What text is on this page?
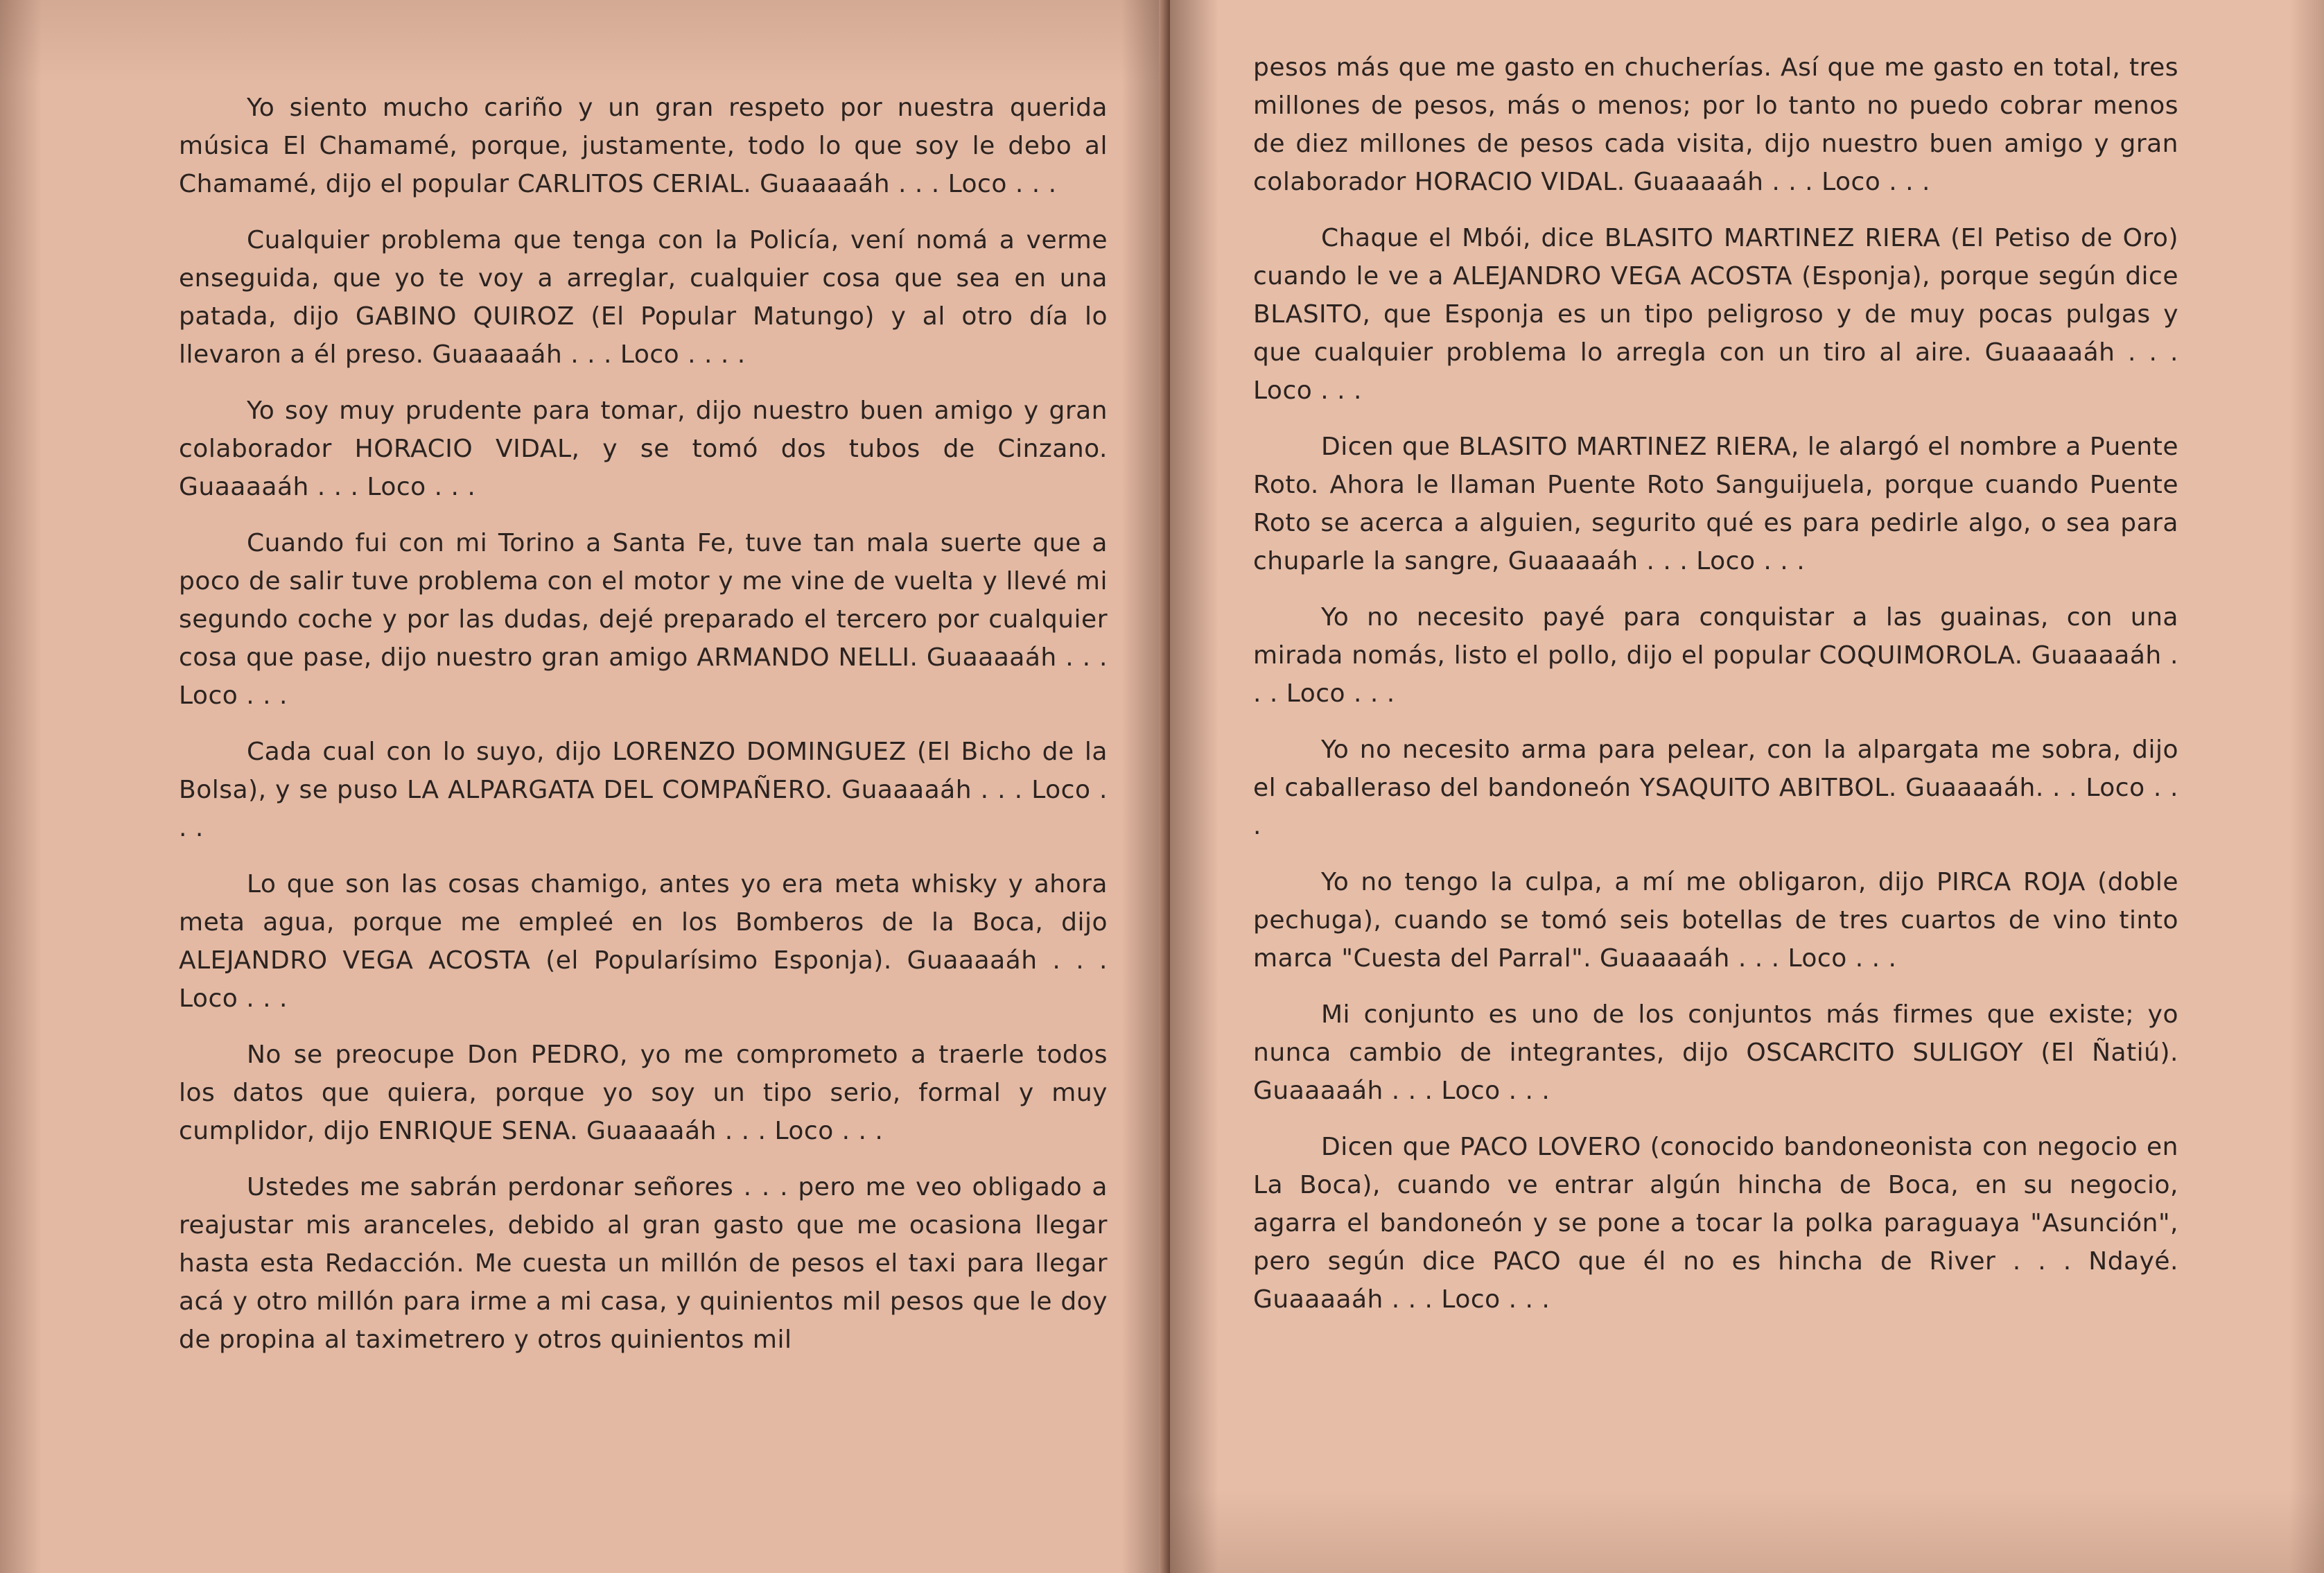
Yo siento mucho cariño y un gran respeto por nuestra querida música El Chamamé, porque, justamente, todo lo que soy le debo al Chamamé, dijo el popular CARLITOS CERIAL. Guaaaaáh . . . Loco . . .

Cualquier problema que tenga con la Policía, vení nomá a verme enseguida, que yo te voy a arreglar, cualquier cosa que sea en una patada, dijo GABINO QUIROZ (El Popular Matungo) y al otro día lo llevaron a él preso. Guaaaaáh . . . Loco . . . .

Yo soy muy prudente para tomar, dijo nuestro buen amigo y gran colaborador HORACIO VIDAL, y se tomó dos tubos de Cinzano. Guaaaaáh . . . Loco . . .

Cuando fui con mi Torino a Santa Fe, tuve tan mala suerte que a poco de salir tuve problema con el motor y me vine de vuelta y llevé mi segundo coche y por las dudas, dejé preparado el tercero por cualquier cosa que pase, dijo nuestro gran amigo ARMANDO NELLI. Guaaaaáh . . . Loco . . .

Cada cual con lo suyo, dijo LORENZO DOMINGUEZ (El Bicho de la Bolsa), y se puso LA ALPARGATA DEL COMPAÑERO. Guaaaaáh . . . Loco . . .

Lo que son las cosas chamigo, antes yo era meta whisky y ahora meta agua, porque me empleé en los Bomberos de la Boca, dijo ALEJANDRO VEGA ACOSTA (el Popularísimo Esponja). Guaaaaáh . . . Loco . . .

No se preocupe Don PEDRO, yo me comprometo a traerle todos los datos que quiera, porque yo soy un tipo serio, formal y muy cumplidor, dijo ENRIQUE SENA. Guaaaaáh . . . Loco . . .

Ustedes me sabrán perdonar señores . . . pero me veo obligado a reajustar mis aranceles, debido al gran gasto que me ocasiona llegar hasta esta Redacción. Me cuesta un millón de pesos el taxi para llegar acá y otro millón para irme a mi casa, y quinientos mil pesos que le doy de propina al taximetrero y otros quinientos mil

pesos más que me gasto en chucherías. Así que me gasto en total, tres millones de pesos, más o menos; por lo tanto no puedo cobrar menos de diez millones de pesos cada visita, dijo nuestro buen amigo y gran colaborador HORACIO VIDAL. Guaaaaáh . . . Loco . . .

Chaque el Mbói, dice BLASITO MARTINEZ RIERA (El Petiso de Oro) cuando le ve a ALEJANDRO VEGA ACOSTA (Esponja), porque según dice BLASITO, que Esponja es un tipo peligroso y de muy pocas pulgas y que cualquier problema lo arregla con un tiro al aire. Guaaaaáh . . . Loco . . .

Dicen que BLASITO MARTINEZ RIERA, le alargó el nombre a Puente Roto. Ahora le llaman Puente Roto Sanguijuela, porque cuando Puente Roto se acerca a alguien, segurito qué es para pedirle algo, o sea para chuparle la sangre, Guaaaaáh . . . Loco . . .

Yo no necesito payé para conquistar a las guainas, con una mirada nomás, listo el pollo, dijo el popular COQUIMOROLA. Guaaaaáh . . . Loco . . .

Yo no necesito arma para pelear, con la alpargata me sobra, dijo el caballeraso del bandoneón YSAQUITO ABITBOL. Guaaaaáh. . . Loco . . .

Yo no tengo la culpa, a mí me obligaron, dijo PIRCA ROJA (doble pechuga), cuando se tomó seis botellas de tres cuartos de vino tinto marca "Cuesta del Parral". Guaaaaáh . . . Loco . . .

Mi conjunto es uno de los conjuntos más firmes que existe; yo nunca cambio de integrantes, dijo OSCARCITO SULIGOY (El Ñatiú). Guaaaaáh . . . Loco . . .

Dicen que PACO LOVERO (conocido bandoneonista con negocio en La Boca), cuando ve entrar algún hincha de Boca, en su negocio, agarra el bandoneón y se pone a tocar la polka paraguaya "Asunción", pero según dice PACO que él no es hincha de River . . . Ndayé. Guaaaaáh . . . Loco . . .
